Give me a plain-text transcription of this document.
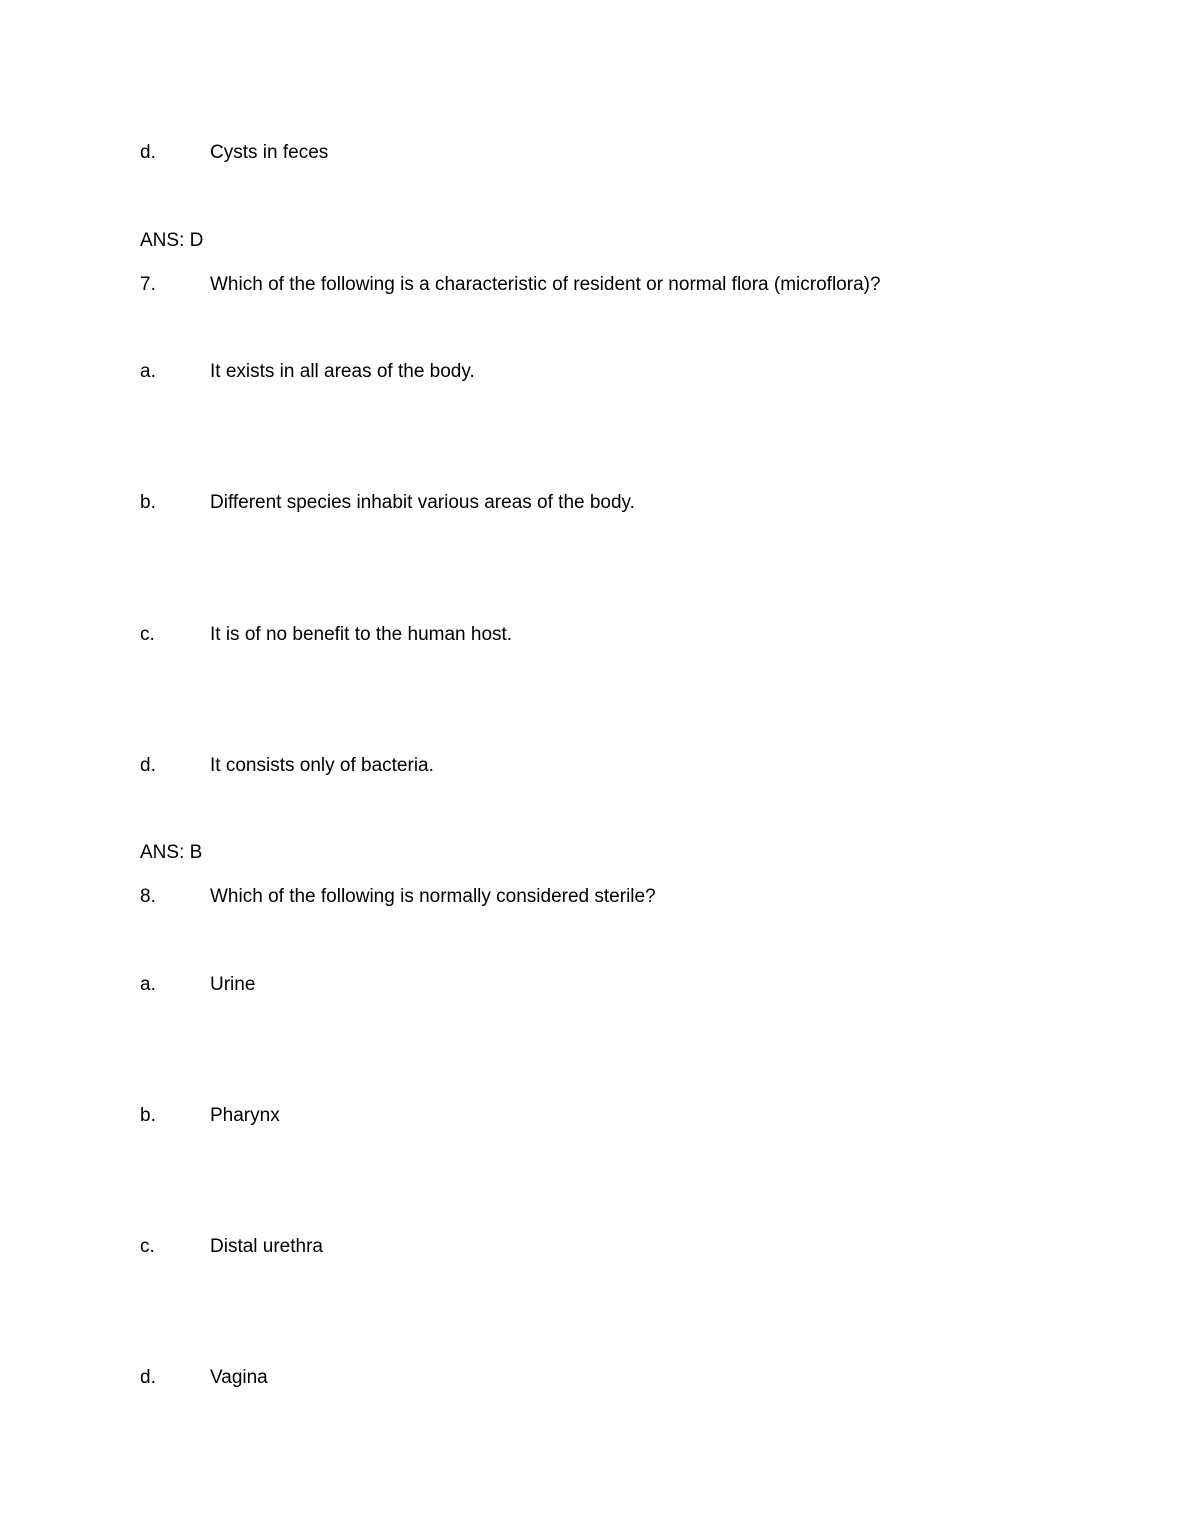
d.	Cysts in feces
ANS: D
7.	Which of the following is a characteristic of resident or normal flora (microflora)?
a.	It exists in all areas of the body.
b.	Different species inhabit various areas of the body.
c.	It is of no benefit to the human host.
d.	It consists only of bacteria.
ANS: B
8.	Which of the following is normally considered sterile?
a.	Urine
b.	Pharynx
c.	Distal urethra
d.	Vagina
